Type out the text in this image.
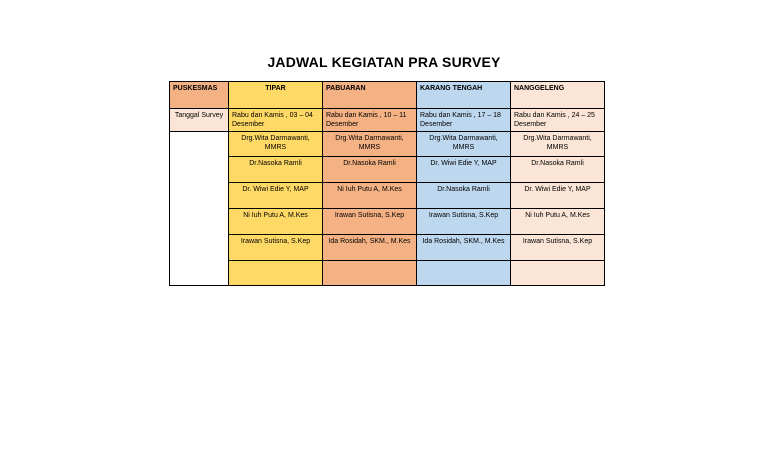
JADWAL KEGIATAN PRA SURVEY
PUSKESMAS	TIPAR	PABUARAN	KARANG TENGAH	NANGGELENG
Tanggal Survey	Rabu dan Kamis , 03 – 04 Desember	Rabu dan Kamis , 10 – 11 Desember	Rabu dan Kamis , 17 – 18 Desember	Rabu dan Kamis , 24 – 25 Desember
	Drg.Wita Darmawanti, MMRS	Drg.Wita Darmawanti, MMRS	Drg.Wita Darmawanti, MMRS	Drg.Wita Darmawanti, MMRS
	Dr.Nasoka Ramli	Dr.Nasoka Ramli	Dr. Wiwi Edie Y, MAP	Dr.Nasoka Ramli
	Dr. Wiwi Edie Y, MAP	Ni Iuh Putu A, M.Kes	Dr.Nasoka Ramli	Dr. Wiwi Edie Y, MAP
	Ni Iuh Putu A, M.Kes	Irawan Sutisna, S.Kep	Irawan Sutisna, S.Kep	Ni Iuh Putu A, M.Kes
	Irawan Sutisna, S.Kep	Ida Rosidah, SKM., M.Kes	Ida Rosidah, SKM., M.Kes	Irawan Sutisna, S.Kep
